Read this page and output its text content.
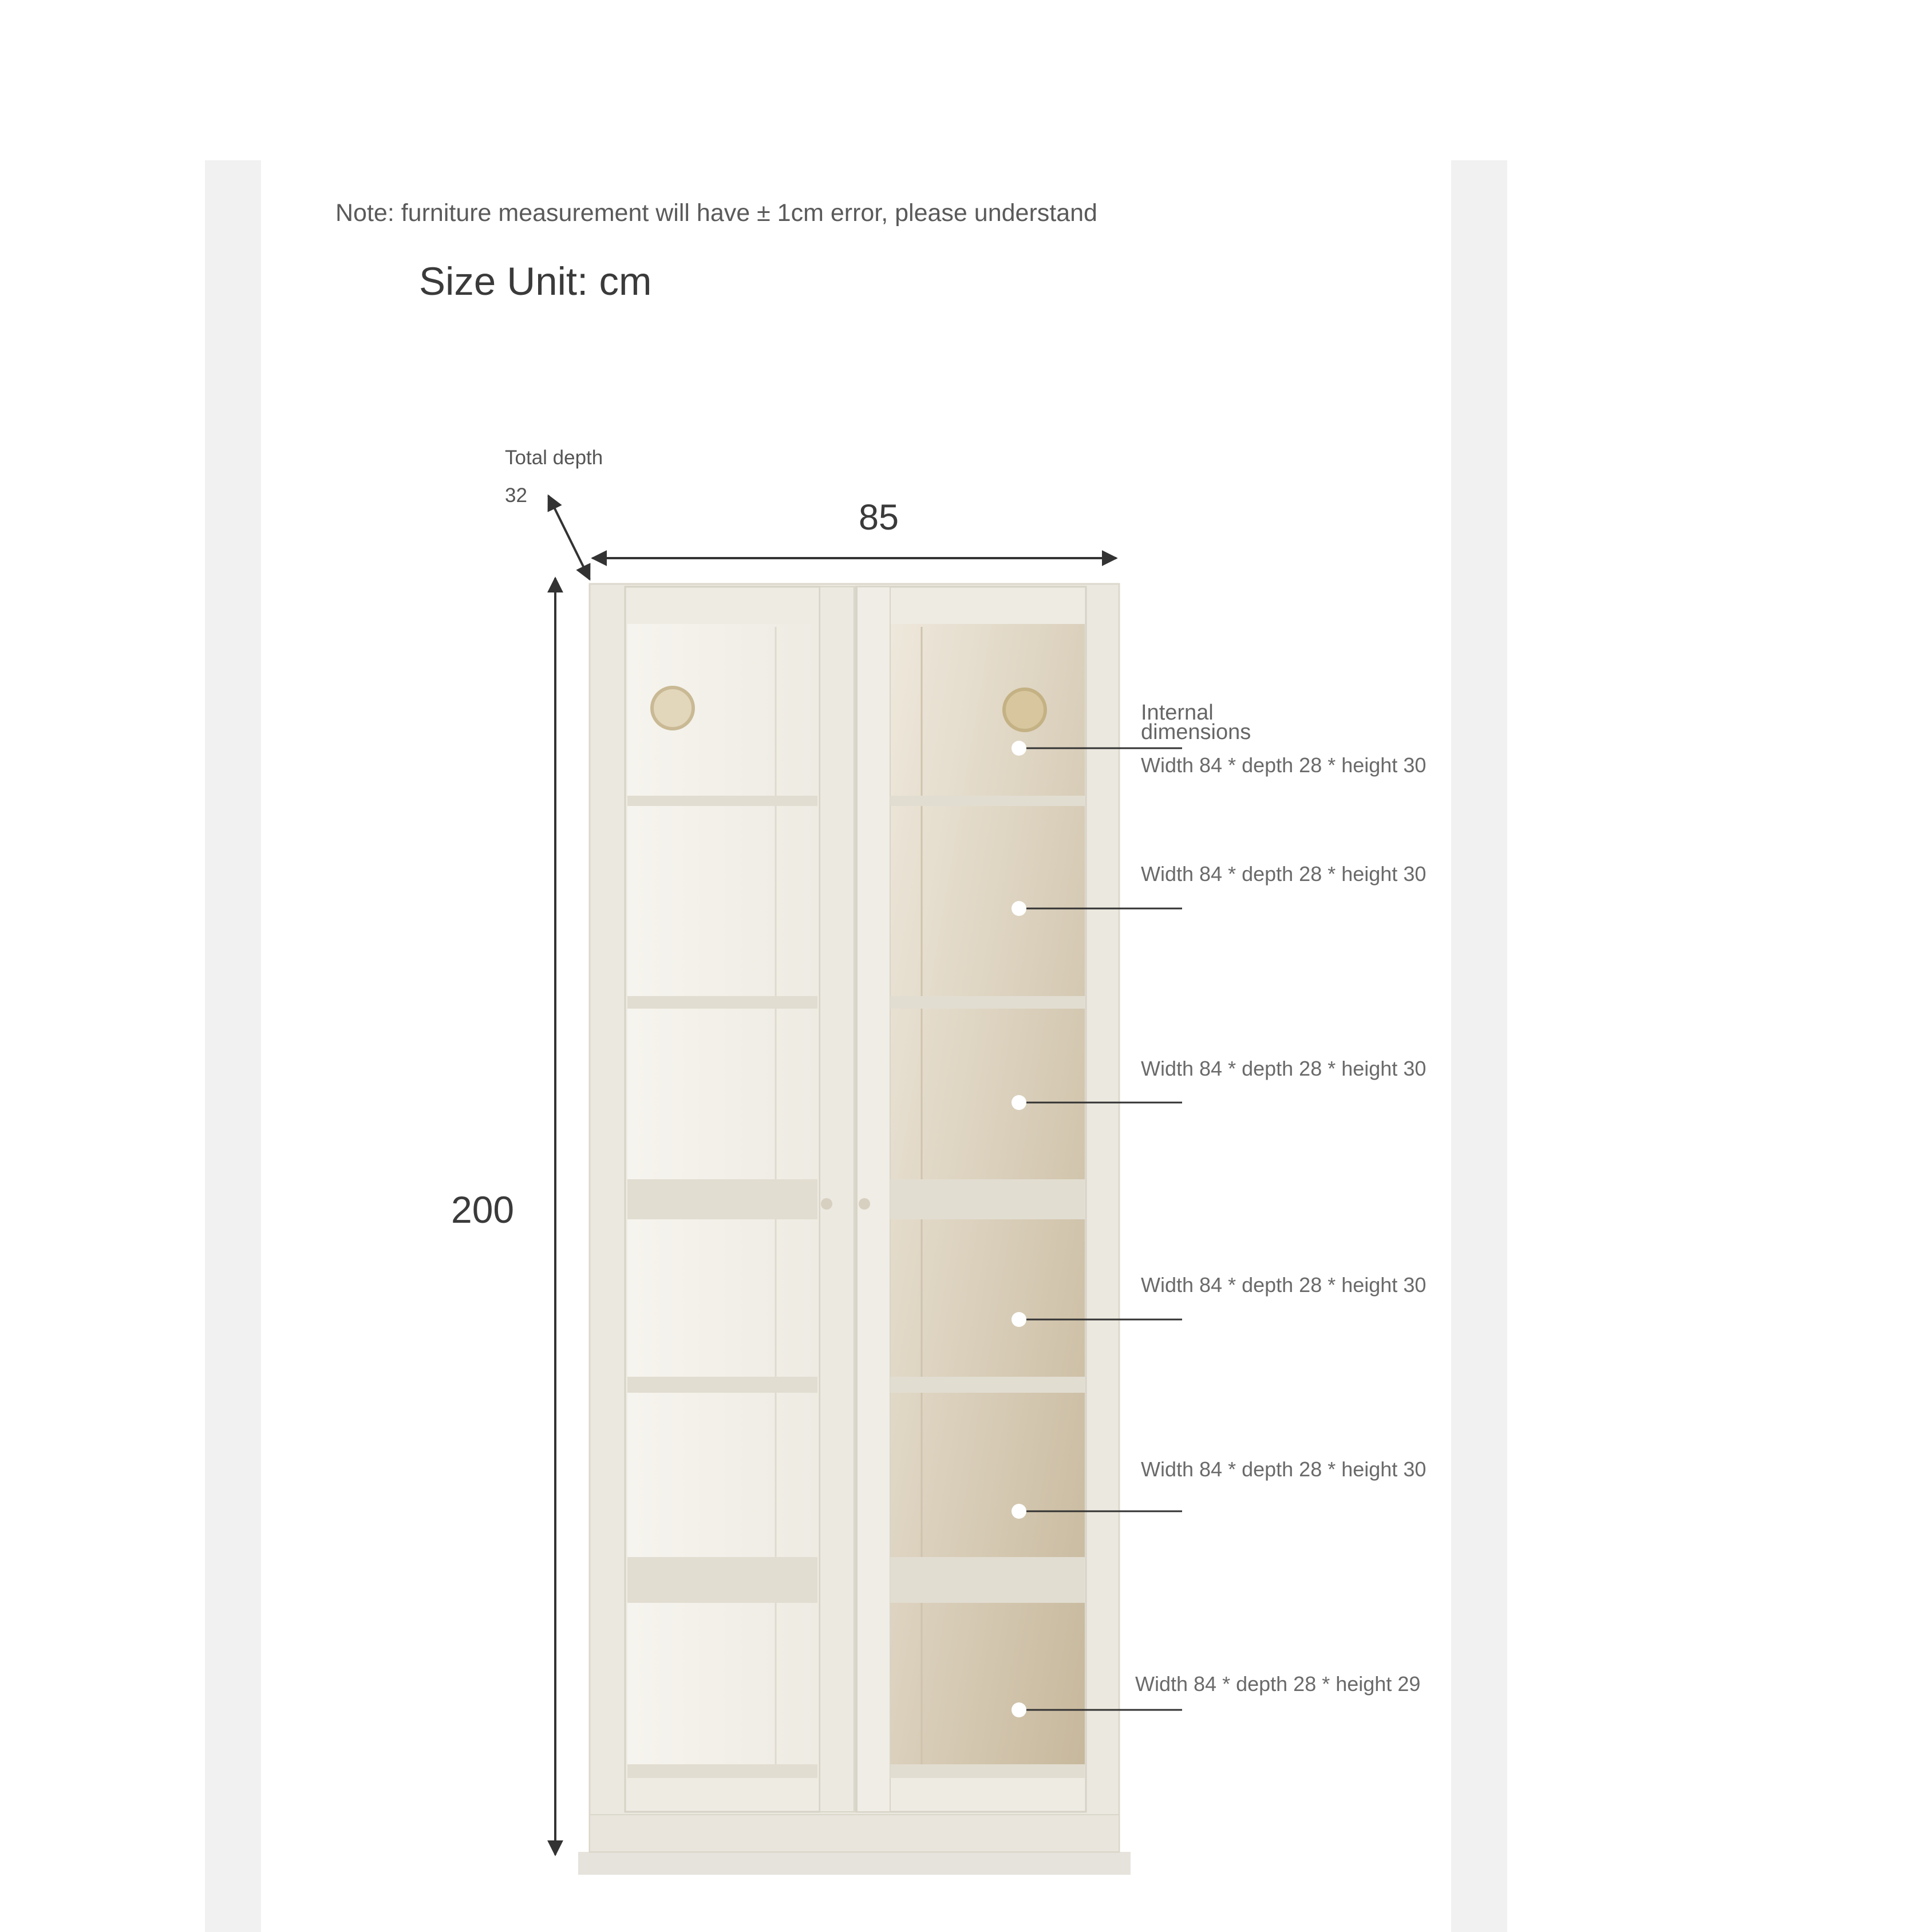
Note: furniture measurement will have ± 1cm error, please understand
Size Unit: cm
Total depth
32
85
200
Internal dimensions
Width 84 * depth 28 * height 30
Width 84 * depth 28 * height 30
Width 84 * depth 28 * height 30
Width 84 * depth 28 * height 30
Width 84 * depth 28 * height 30
Width 84 * depth 28 * height 29
